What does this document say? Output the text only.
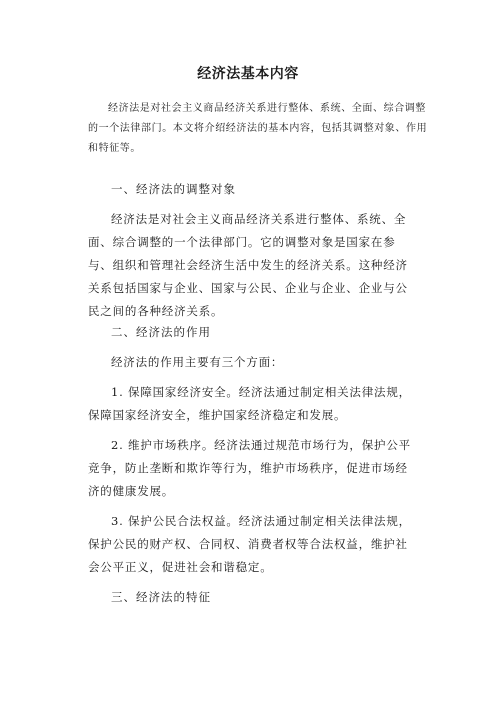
经济法基本内容

经济法是对社会主义商品经济关系进行整体、系统、全面、综合调整的一个法律部门。本文将介绍经济法的基本内容，包括其调整对象、作用和特征等。

一、经济法的调整对象

经济法是对社会主义商品经济关系进行整体、系统、全面、综合调整的一个法律部门。它的调整对象是国家在参与、组织和管理社会经济生活中发生的经济关系。这种经济关系包括国家与企业、国家与公民、企业与企业、企业与公民之间的各种经济关系。

二、经济法的作用

经济法的作用主要有三个方面：

1. 保障国家经济安全。经济法通过制定相关法律法规，保障国家经济安全，维护国家经济稳定和发展。

2. 维护市场秩序。经济法通过规范市场行为，保护公平竞争，防止垄断和欺诈等行为，维护市场秩序，促进市场经济的健康发展。

3. 保护公民合法权益。经济法通过制定相关法律法规，保护公民的财产权、合同权、消费者权等合法权益，维护社会公平正义，促进社会和谐稳定。

三、经济法的特征
